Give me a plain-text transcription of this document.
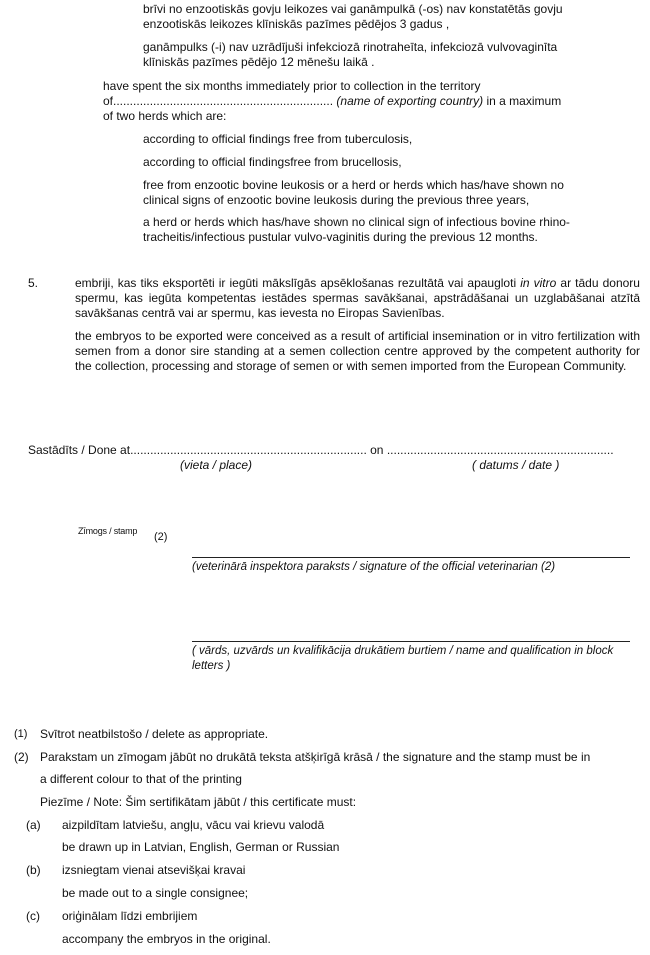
brīvi no enzootiskās govju leikozes vai ganāmpulkā (-os) nav konstatētās govju enzootiskās leikozes klīniskās pazīmes pēdējos 3 gadus ,

ganāmpulks (-i) nav uzrādījuši infekciozā rinotraheīta, infekciozā vulvovaginīta klīniskās pazīmes pēdējo 12 mēnešu laikā .

have spent the six months immediately prior to collection in the territory

of.................................................................. (name of exporting country) in a maximum

of two herds which are:

according to official findings free from tuberculosis,

according to official findingsfree from brucellosis,

free from enzootic bovine leukosis or a herd or herds which has/have shown no clinical signs of enzootic bovine leukosis during the previous three years,

a herd or herds which has/have shown no clinical sign of infectious bovine rhino-tracheitis/infectious pustular vulvo-vaginitis during the previous 12 months.

5.	embriji, kas tiks eksportēti ir iegūti mākslīgās apsēklošanas rezultātā vai apaugloti in vitro ar tādu donoru spermu, kas iegūta kompetentas iestādes spermas savākšanai, apstrādāšanai un uzglabāšanai atzītā savākšanas centrā vai ar spermu, kas ievesta no Eiropas Savienības.

the embryos to be exported were conceived as a result of artificial insemination or in vitro fertilization with semen from a donor sire standing at a semen collection centre approved by the competent authority for the collection, processing and storage of semen or with semen imported from the European Community.

Sastādīts / Done at....................................................................... on ....................................................................

(vieta / place)	( datums / date )

Zīmogs / stamp (2)

(veterinārā inspektora paraksts / signature of the official veterinarian (2)

( vārds, uzvārds un kvalifikācija drukātiem burtiem / name and qualification in block letters )

(1) Svītrot neatbilstošo / delete as appropriate.

(2) Parakstam un zīmogam jābūt no drukātā teksta atšķirīgā krāsā / the signature and the stamp must be in

a different colour to that of the printing

Piezīme / Note: Šim sertifikātam jābūt / this certificate must:

(a) aizpildītam latviešu, angļu, vācu vai krievu valodā

be drawn up in Latvian, English, German or Russian

(b) izsniegtam vienai atsevišķai kravai

be made out to a single consignee;

(c) oriģinālam līdzi embrijiem

accompany the embryos in the original.
